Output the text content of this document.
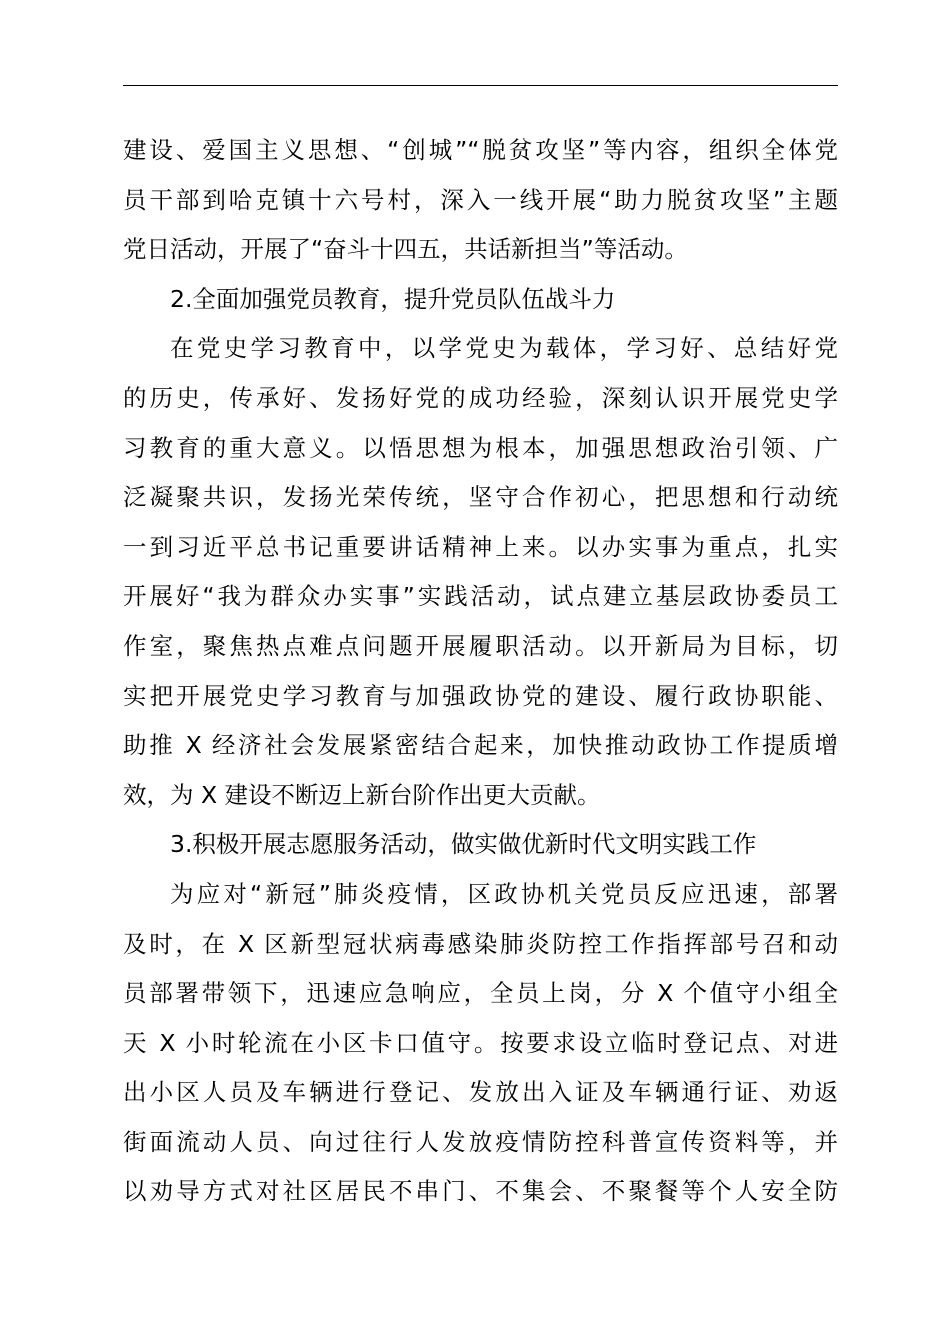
建设、爱国主义思想、“创城”“脱贫攻坚”等内容，组织全体党
员干部到哈克镇十六号村，深入一线开展“助力脱贫攻坚”主题
党日活动，开展了“奋斗十四五，共话新担当”等活动。
2.全面加强党员教育，提升党员队伍战斗力
在党史学习教育中，以学党史为载体，学习好、总结好党
的历史，传承好、发扬好党的成功经验，深刻认识开展党史学
习教育的重大意义。以悟思想为根本，加强思想政治引领、广
泛凝聚共识，发扬光荣传统，坚守合作初心，把思想和行动统
一到习近平总书记重要讲话精神上来。以办实事为重点，扎实
开展好“我为群众办实事”实践活动，试点建立基层政协委员工
作室，聚焦热点难点问题开展履职活动。以开新局为目标，切
实把开展党史学习教育与加强政协党的建设、履行政协职能、
助推 X 经济社会发展紧密结合起来，加快推动政协工作提质增
效，为 X 建设不断迈上新台阶作出更大贡献。
3.积极开展志愿服务活动，做实做优新时代文明实践工作
为应对“新冠”肺炎疫情，区政协机关党员反应迅速，部署
及时，在 X 区新型冠状病毒感染肺炎防控工作指挥部号召和动
员部署带领下，迅速应急响应，全员上岗，分 X 个值守小组全
天 X 小时轮流在小区卡口值守。按要求设立临时登记点、对进
出小区人员及车辆进行登记、发放出入证及车辆通行证、劝返
街面流动人员、向过往行人发放疫情防控科普宣传资料等，并
以劝导方式对社区居民不串门、不集会、不聚餐等个人安全防
